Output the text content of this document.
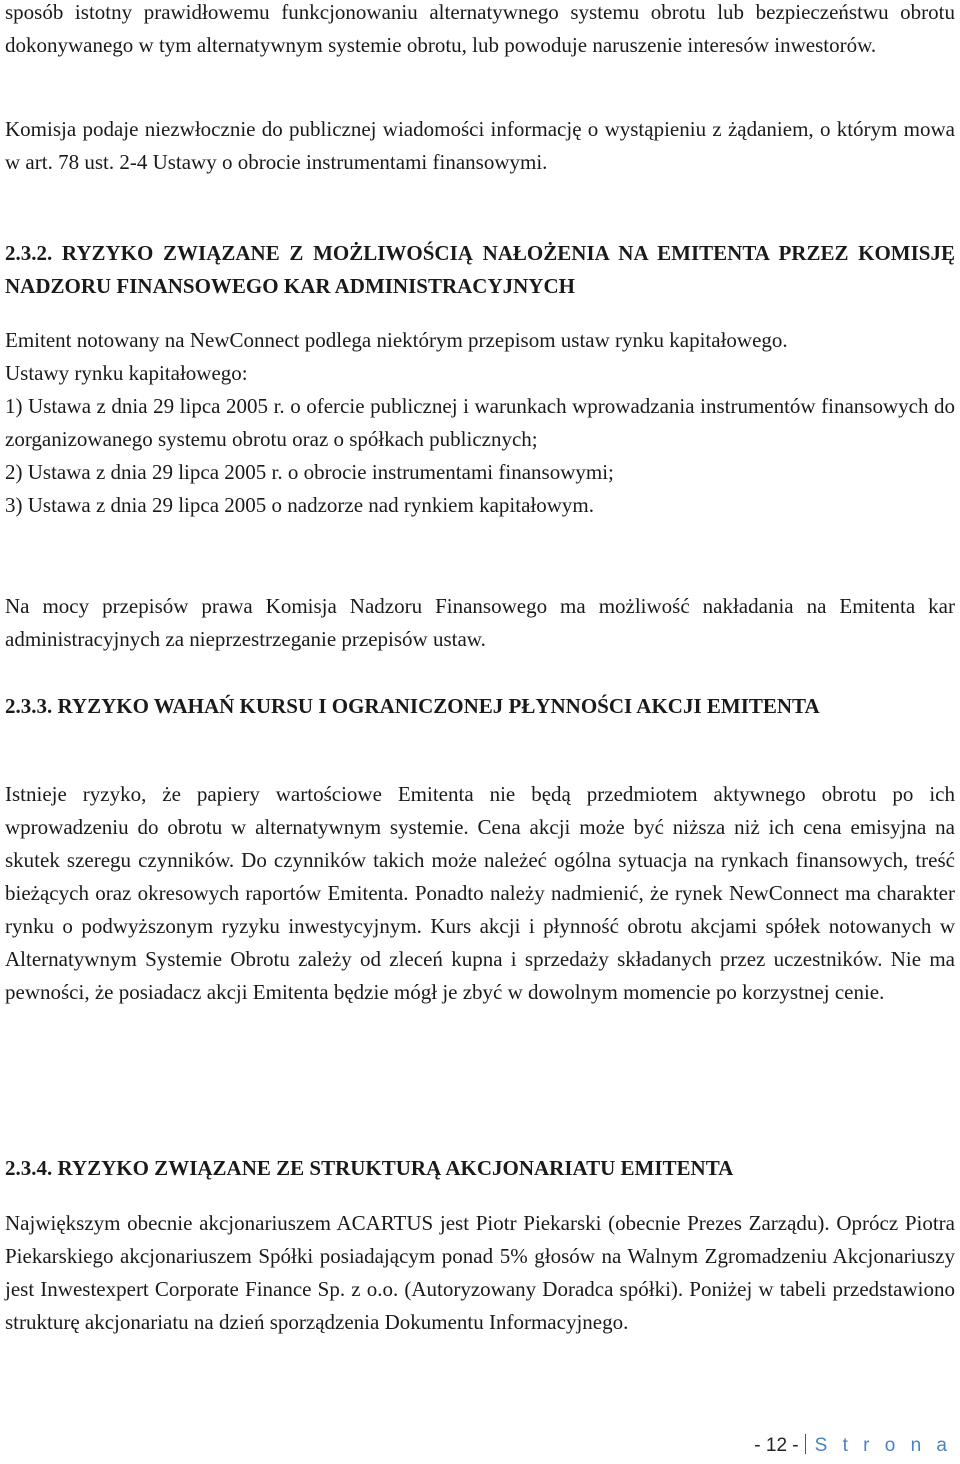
sposób istotny prawidłowemu funkcjonowaniu alternatywnego systemu obrotu lub bezpieczeństwu obrotu dokonywanego w tym alternatywnym systemie obrotu, lub powoduje naruszenie interesów inwestorów.

Komisja podaje niezwłocznie do publicznej wiadomości informację o wystąpieniu z żądaniem, o którym mowa w art. 78 ust. 2-4 Ustawy o obrocie instrumentami finansowymi.

2.3.2. RYZYKO ZWIĄZANE Z MOŻLIWOŚCIĄ NAŁOŻENIA NA EMITENTA PRZEZ KOMISJĘ NADZORU FINANSOWEGO KAR ADMINISTRACYJNYCH

Emitent notowany na NewConnect podlega niektórym przepisom ustaw rynku kapitałowego.

Ustawy rynku kapitałowego:

1) Ustawa z dnia 29 lipca 2005 r. o ofercie publicznej i warunkach wprowadzania instrumentów finansowych do zorganizowanego systemu obrotu oraz o spółkach publicznych;

2) Ustawa z dnia 29 lipca 2005 r. o obrocie instrumentami finansowymi;

3) Ustawa z dnia 29 lipca 2005 o nadzorze nad rynkiem kapitałowym.

Na mocy przepisów prawa Komisja Nadzoru Finansowego ma możliwość nakładania na Emitenta kar administracyjnych za nieprzestrzeganie przepisów ustaw.

2.3.3. RYZYKO WAHAŃ KURSU I OGRANICZONEJ PŁYNNOŚCI AKCJI EMITENTA

Istnieje ryzyko, że papiery wartościowe Emitenta nie będą przedmiotem aktywnego obrotu po ich wprowadzeniu do obrotu w alternatywnym systemie. Cena akcji może być niższa niż ich cena emisyjna na skutek szeregu czynników. Do czynników takich może należeć ogólna sytuacja na rynkach finansowych, treść bieżących oraz okresowych raportów Emitenta. Ponadto należy nadmienić, że rynek NewConnect ma charakter rynku o podwyższonym ryzyku inwestycyjnym. Kurs akcji i płynność obrotu akcjami spółek notowanych w Alternatywnym Systemie Obrotu zależy od zleceń kupna i sprzedaży składanych przez uczestników. Nie ma pewności, że posiadacz akcji Emitenta będzie mógł je zbyć w dowolnym momencie po korzystnej cenie.

2.3.4. RYZYKO ZWIĄZANE ZE STRUKTURĄ AKCJONARIATU EMITENTA

Największym obecnie akcjonariuszem ACARTUS jest Piotr Piekarski (obecnie Prezes Zarządu). Oprócz Piotra Piekarskiego akcjonariuszem Spółki posiadającym ponad 5% głosów na Walnym Zgromadzeniu Akcjonariuszy jest Inwestexpert Corporate Finance Sp. z o.o. (Autoryzowany Doradca spółki). Poniżej w tabeli przedstawiono strukturę akcjonariatu na dzień sporządzenia Dokumentu Informacyjnego.

- 12 - S t r o n a
